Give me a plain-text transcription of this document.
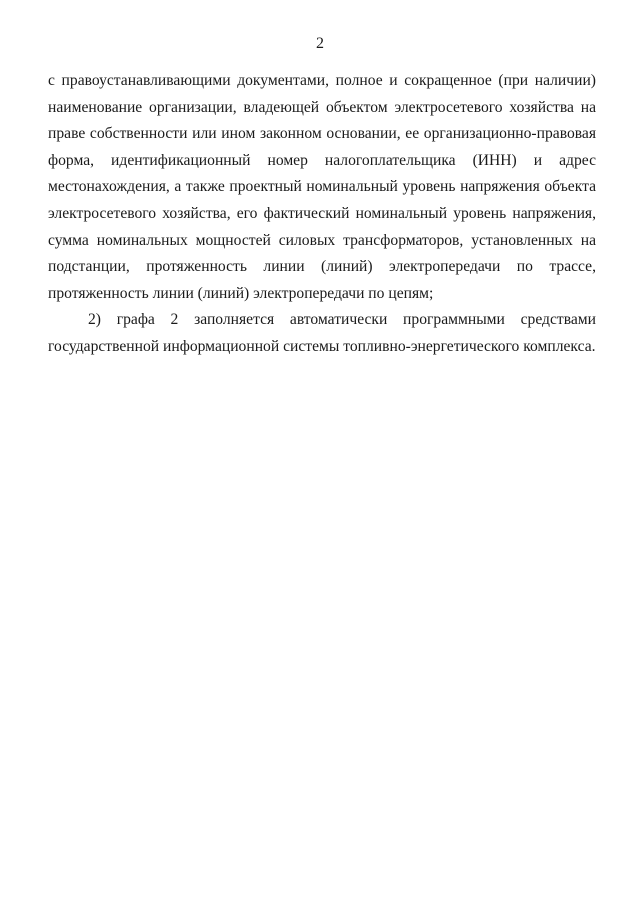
2
с правоустанавливающими документами, полное и сокращенное (при наличии)
наименование организации, владеющей объектом электросетевого хозяйства на
праве собственности или ином законном основании, ее организационно-правовая
форма, идентификационный номер налогоплательщика (ИНН) и адрес
местонахождения, а также проектный номинальный уровень напряжения объекта
электросетевого хозяйства, его фактический номинальный уровень напряжения,
сумма номинальных мощностей силовых трансформаторов, установленных на
подстанции, протяженность линии (линий) электропередачи по трассе,
протяженность линии (линий) электропередачи по цепям;
2) графа 2 заполняется автоматически программными средствами
государственной информационной системы топливно-энергетического комплекса.
